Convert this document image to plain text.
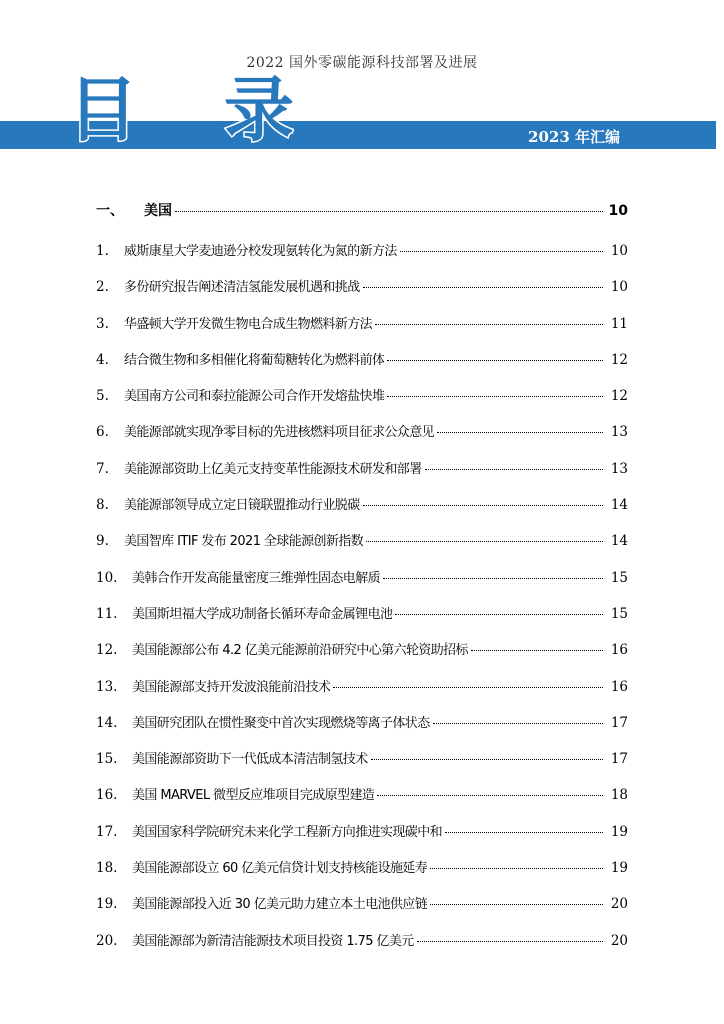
2022 国外零碳能源科技部署及进展
目 录	2023 年汇编
一、	美国	10
1.	威斯康星大学麦迪逊分校发现氨转化为氮的新方法	10
2.	多份研究报告阐述清洁氢能发展机遇和挑战	10
3.	华盛顿大学开发微生物电合成生物燃料新方法	11
4.	结合微生物和多相催化将葡萄糖转化为燃料前体	12
5.	美国南方公司和泰拉能源公司合作开发熔盐快堆	12
6.	美能源部就实现净零目标的先进核燃料项目征求公众意见	13
7.	美能源部资助上亿美元支持变革性能源技术研发和部署	13
8.	美能源部领导成立定日镜联盟推动行业脱碳	14
9.	美国智库 ITIF 发布 2021 全球能源创新指数	14
10.	美韩合作开发高能量密度三维弹性固态电解质	15
11.	美国斯坦福大学成功制备长循环寿命金属锂电池	15
12.	美国能源部公布 4.2 亿美元能源前沿研究中心第六轮资助招标	16
13.	美国能源部支持开发波浪能前沿技术	16
14.	美国研究团队在惯性聚变中首次实现燃烧等离子体状态	17
15.	美国能源部资助下一代低成本清洁制氢技术	17
16.	美国 MARVEL 微型反应堆项目完成原型建造	18
17.	美国国家科学院研究未来化学工程新方向推进实现碳中和	19
18.	美国能源部设立 60 亿美元信贷计划支持核能设施延寿	19
19.	美国能源部投入近 30 亿美元助力建立本土电池供应链	20
20.	美国能源部为新清洁能源技术项目投资 1.75 亿美元	20
